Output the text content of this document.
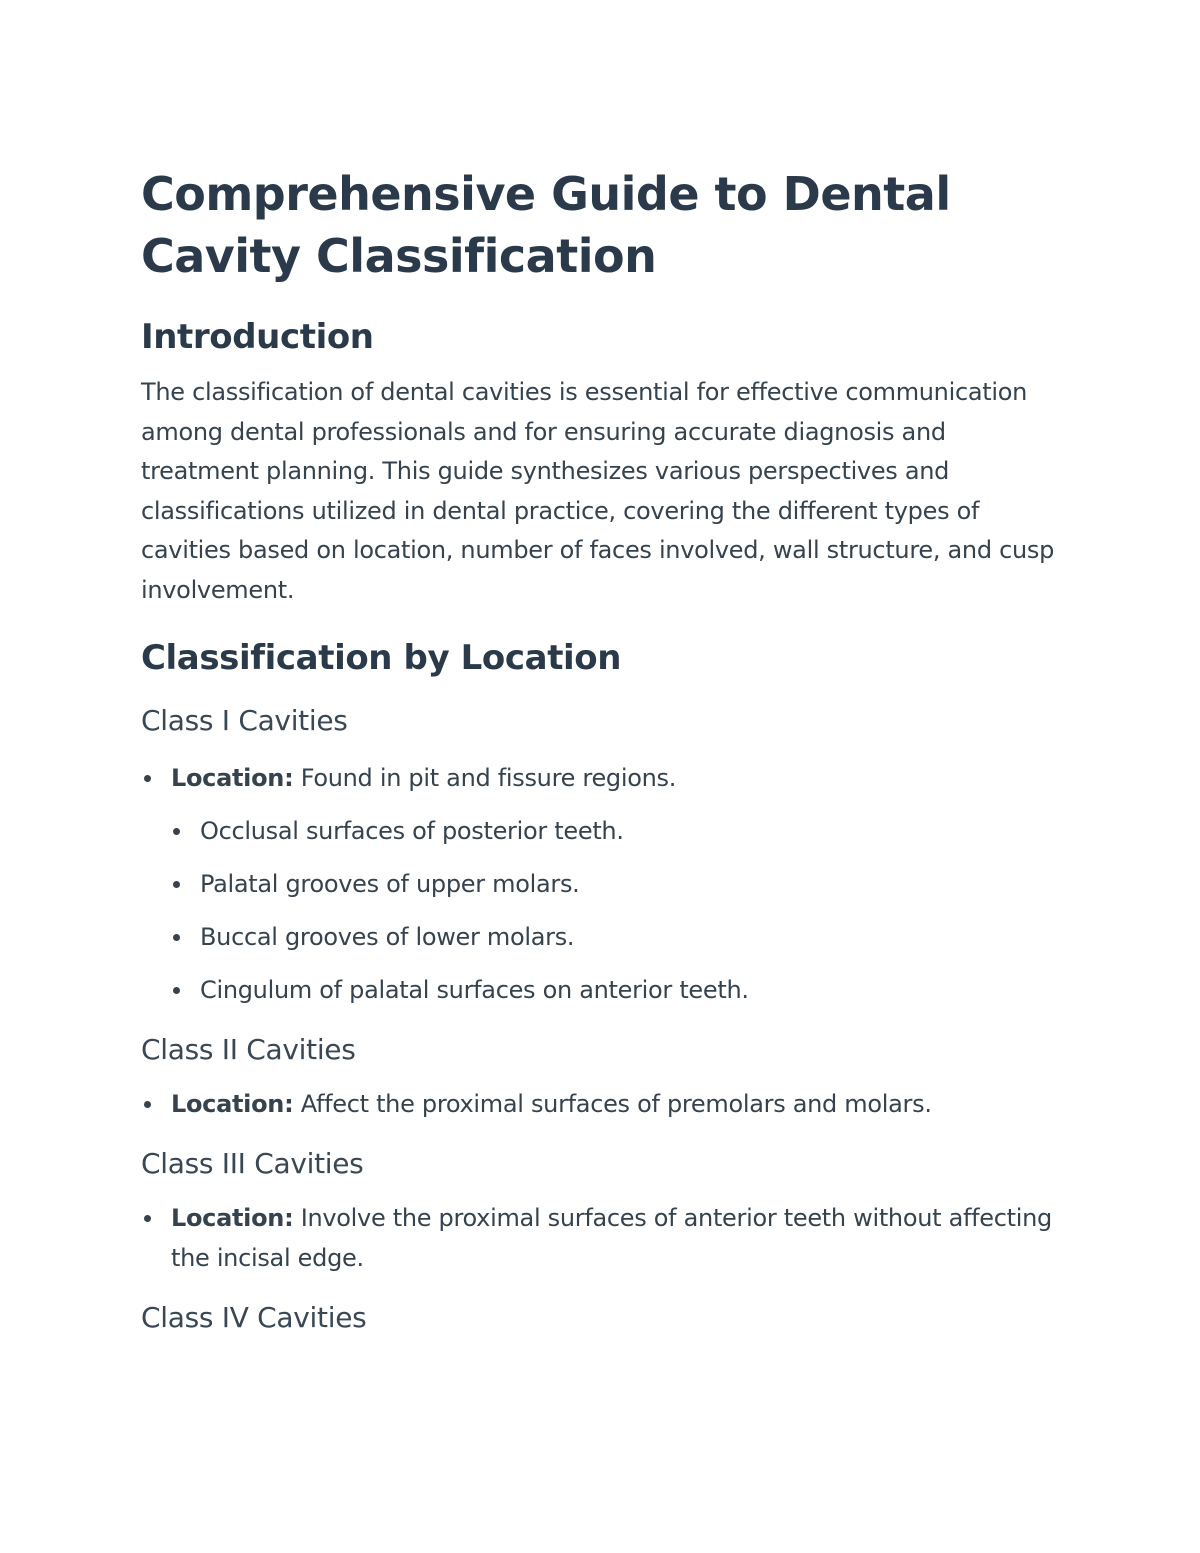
Comprehensive Guide to Dental Cavity Classification
Introduction

The classification of dental cavities is essential for effective communication among dental professionals and for ensuring accurate diagnosis and treatment planning. This guide synthesizes various perspectives and classifications utilized in dental practice, covering the different types of cavities based on location, number of faces involved, wall structure, and cusp involvement.

Classification by Location
Class I Cavities
Location: Found in pit and fissure regions.
Occlusal surfaces of posterior teeth.
Palatal grooves of upper molars.
Buccal grooves of lower molars.
Cingulum of palatal surfaces on anterior teeth.
Class II Cavities
Location: Affect the proximal surfaces of premolars and molars.
Class III Cavities
Location: Involve the proximal surfaces of anterior teeth without affecting the incisal edge.
Class IV Cavities
